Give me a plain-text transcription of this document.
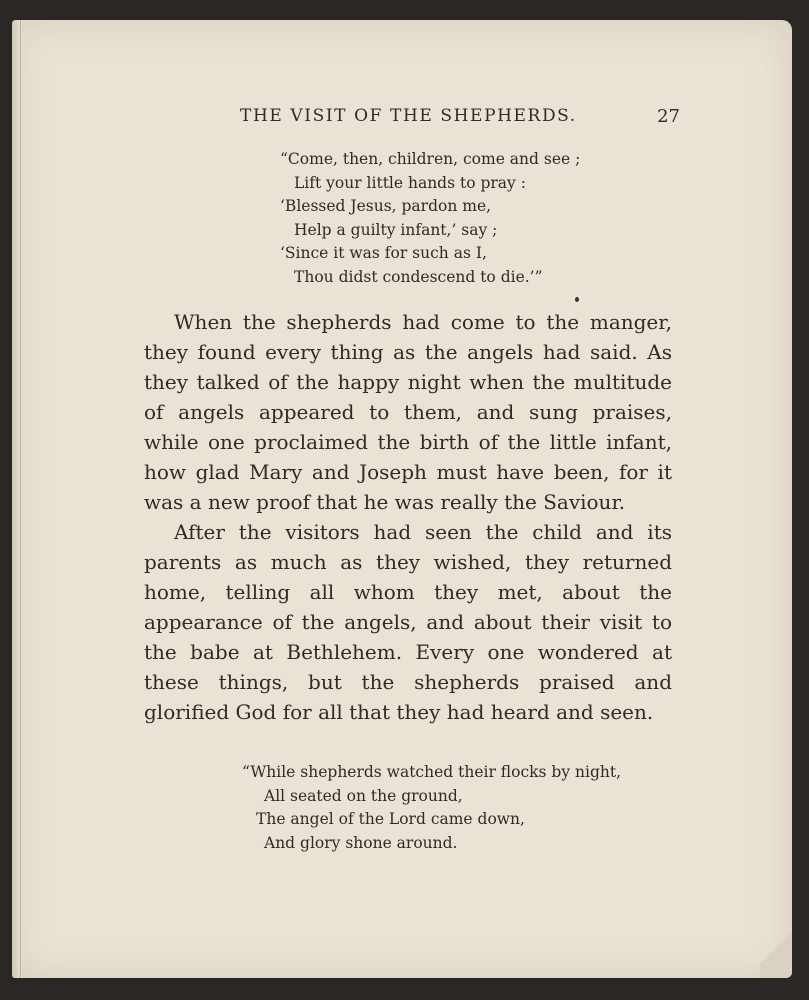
THE VISIT OF THE SHEPHERDS.	27
“Come, then, children, come and see ;
Lift your little hands to pray :
‘Blessed Jesus, pardon me,
Help a guilty infant,’ say ;
‘Since it was for such as I,
Thou didst condescend to die.’”

When the shepherds had come to the manger, they found every thing as the angels had said. As they talked of the happy night when the multitude of angels appeared to them, and sung praises, while one proclaimed the birth of the little infant, how glad Mary and Joseph must have been, for it was a new proof that he was really the Saviour.

After the visitors had seen the child and its parents as much as they wished, they returned home, telling all whom they met, about the appearance of the angels, and about their visit to the babe at Bethlehem. Every one wondered at these things, but the shepherds praised and glorified God for all that they had heard and seen.

“While shepherds watched their flocks by night,
All seated on the ground,
The angel of the Lord came down,
And glory shone around.
